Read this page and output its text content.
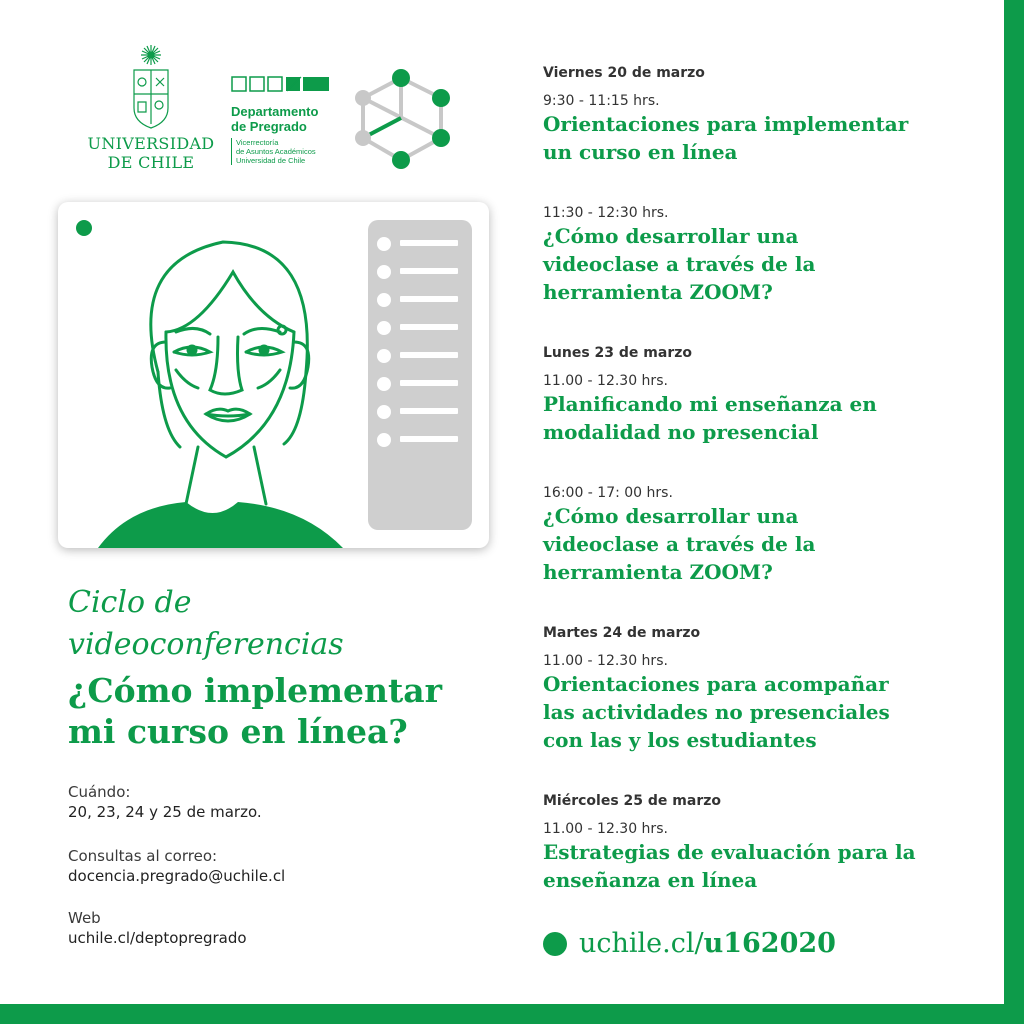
UNIVERSIDAD
DE CHILE
Departamento
de Pregrado
Vicerrectoría
de Asuntos Académicos
Universidad de Chile
Ciclo de
videoconferencias
¿Cómo implementar
mi curso en línea?
Cuándo:
20, 23, 24 y 25 de marzo.
Consultas al correo:
docencia.pregrado@uchile.cl
Web
uchile.cl/deptopregrado
Viernes 20 de marzo
9:30 - 11:15 hrs.
Orientaciones para implementar
un curso en línea
11:30 - 12:30 hrs.
¿Cómo desarrollar una
videoclase a través de la
herramienta ZOOM?
Lunes 23 de marzo
11.00 - 12.30 hrs.
Planificando mi enseñanza en
modalidad no presencial
16:00 - 17: 00 hrs.
¿Cómo desarrollar una
videoclase a través de la
herramienta ZOOM?
Martes 24 de marzo
11.00 - 12.30 hrs.
Orientaciones para acompañar
las actividades no presenciales
con las y los estudiantes
Miércoles 25 de marzo
11.00 - 12.30 hrs.
Estrategias de evaluación para la
enseñanza en línea
uchile.cl/u162020
